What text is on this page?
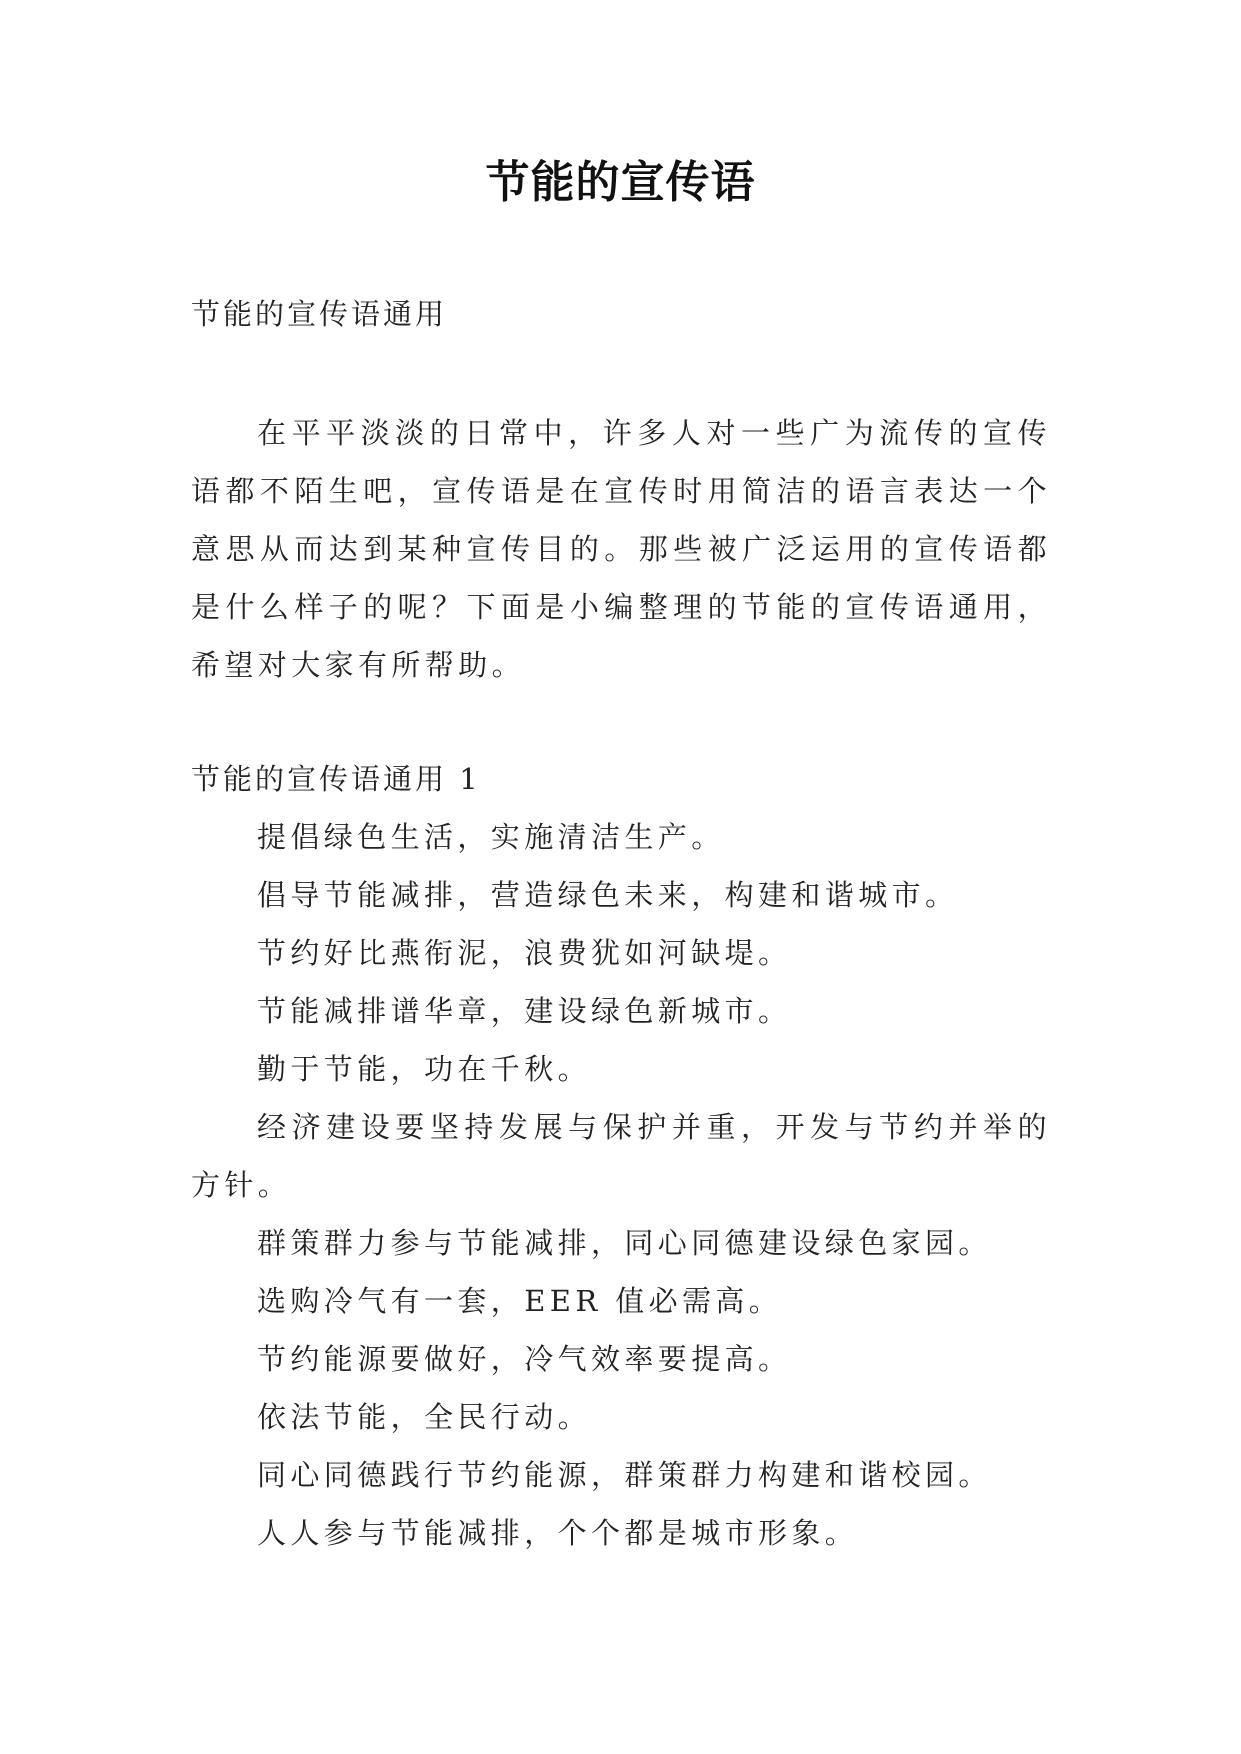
节能的宣传语
节能的宣传语通用

在平平淡淡的日常中，许多人对一些广为流传的宣传语都不陌生吧，宣传语是在宣传时用简洁的语言表达一个意思从而达到某种宣传目的。那些被广泛运用的宣传语都是什么样子的呢？下面是小编整理的节能的宣传语通用，希望对大家有所帮助。

节能的宣传语通用 1
提倡绿色生活，实施清洁生产。
倡导节能减排，营造绿色未来，构建和谐城市。
节约好比燕衔泥，浪费犹如河缺堤。
节能减排谱华章，建设绿色新城市。
勤于节能，功在千秋。
经济建设要坚持发展与保护并重，开发与节约并举的方针。
群策群力参与节能减排，同心同德建设绿色家园。
选购冷气有一套，EER 值必需高。
节约能源要做好，冷气效率要提高。
依法节能，全民行动。
同心同德践行节约能源，群策群力构建和谐校园。
人人参与节能减排，个个都是城市形象。
